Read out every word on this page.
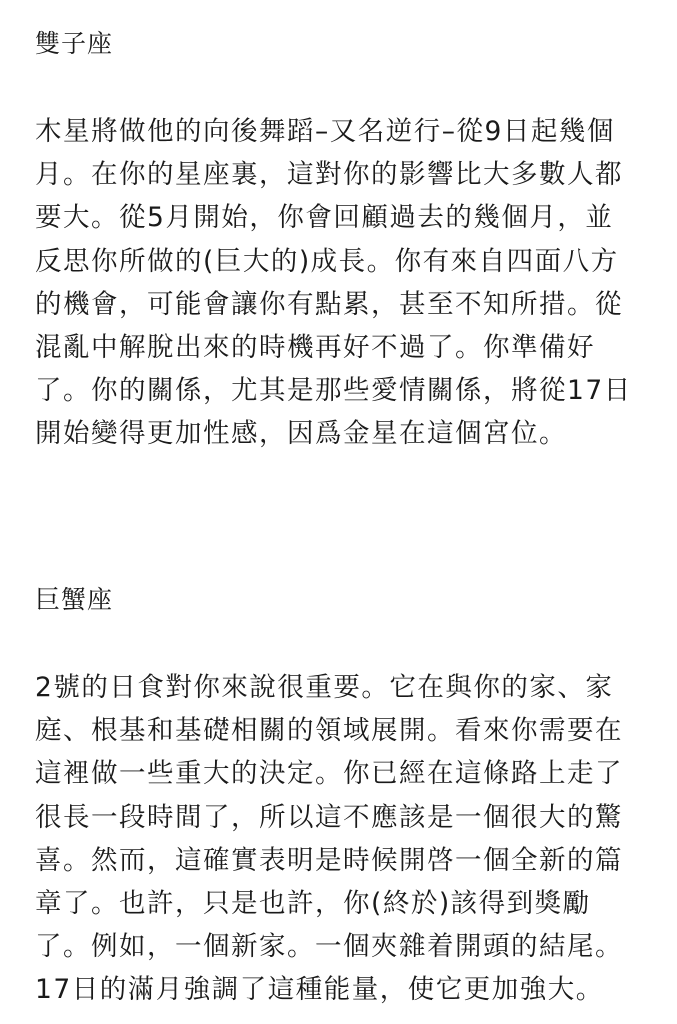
雙子座
木星將做他的向後舞蹈–又名逆行–從9日起幾個
月。在你的星座裏，這對你的影響比大多數人都
要大。從5月開始，你會回顧過去的幾個月，並
反思你所做的(巨大的)成長。你有來自四面八方
的機會，可能會讓你有點累，甚至不知所措。從
混亂中解脫出來的時機再好不過了。你準備好
了。你的關係，尤其是那些愛情關係，將從17日
開始變得更加性感，因爲金星在這個宮位。
巨蟹座
2號的日食對你來說很重要。它在與你的家、家
庭、根基和基礎相關的領域展開。看來你需要在
這裡做一些重大的決定。你已經在這條路上走了
很長一段時間了，所以這不應該是一個很大的驚
喜。然而，這確實表明是時候開啓一個全新的篇
章了。也許，只是也許，你(終於)該得到獎勵
了。例如，一個新家。一個夾雜着開頭的結尾。
17日的滿月強調了這種能量，使它更加強大。
